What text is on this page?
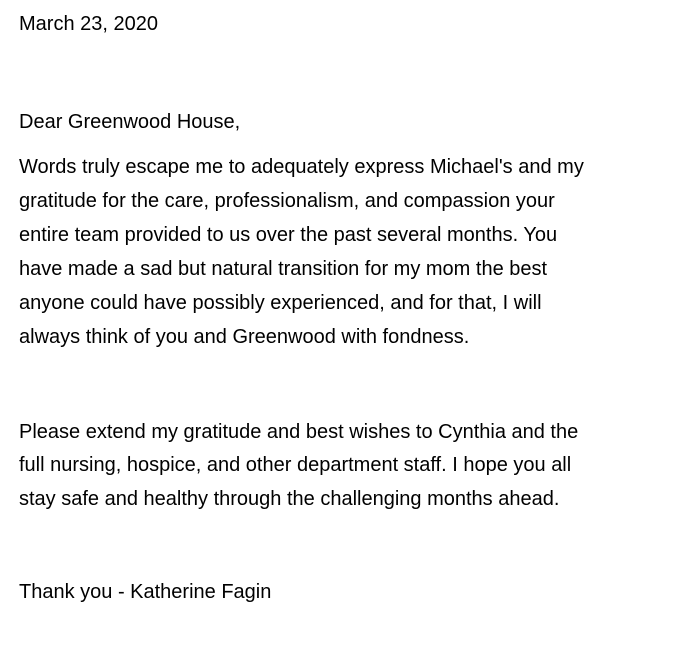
March 23, 2020
Dear Greenwood House,
Words truly escape me to adequately express Michael's and my
gratitude for the care, professionalism, and compassion your
entire team provided to us over the past several months. You
have made a sad but natural transition for my mom the best
anyone could have possibly experienced, and for that, I will
always think of you and Greenwood with fondness.
Please extend my gratitude and best wishes to Cynthia and the
full nursing, hospice, and other department staff. I hope you all
stay safe and healthy through the challenging months ahead.
Thank you - Katherine Fagin
